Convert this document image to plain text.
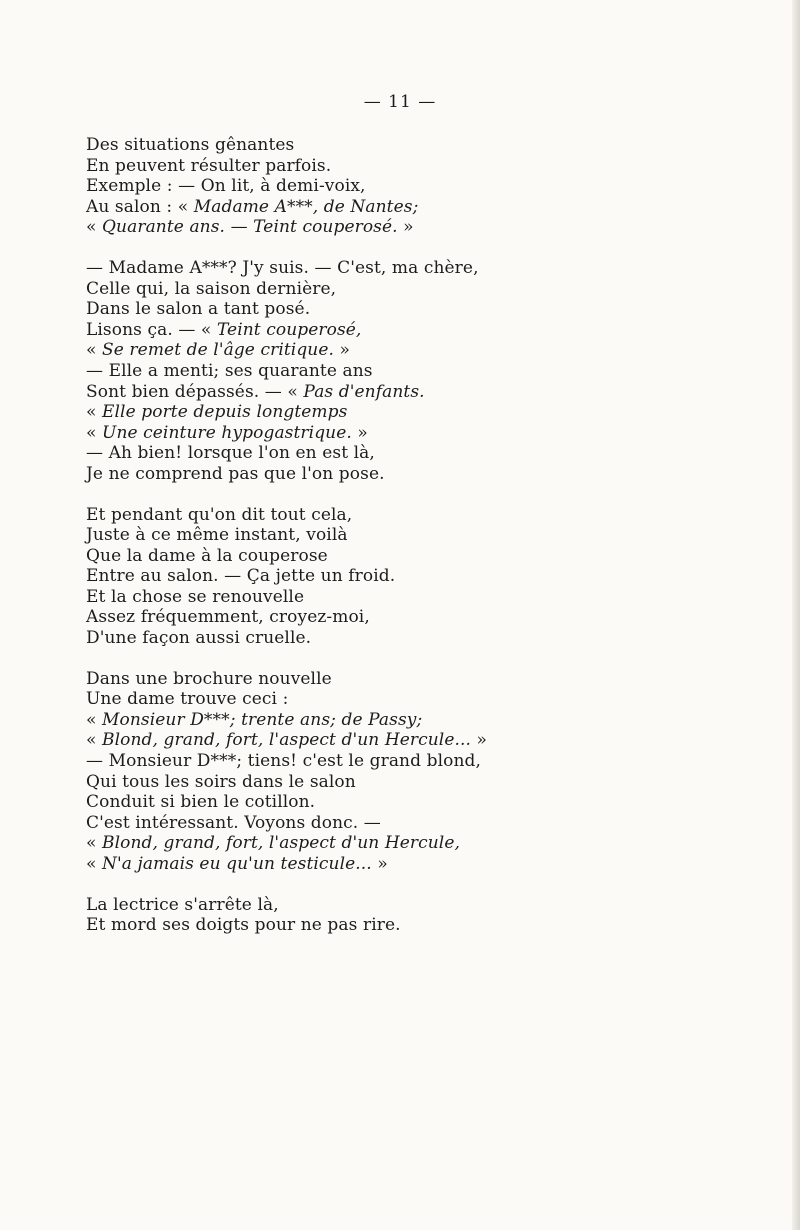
— 11 —
Des situations gênantes
En peuvent résulter parfois.
Exemple : — On lit, à demi-voix,
Au salon : « Madame A***, de Nantes;
« Quarante ans. — Teint couperosé. »
— Madame A***? J'y suis. — C'est, ma chère,
Celle qui, la saison dernière,
Dans le salon a tant posé.
Lisons ça. — « Teint couperosé,
« Se remet de l'âge critique. »
— Elle a menti; ses quarante ans
Sont bien dépassés. — « Pas d'enfants.
« Elle porte depuis longtemps
« Une ceinture hypogastrique. »
— Ah bien! lorsque l'on en est là,
Je ne comprend pas que l'on pose.
Et pendant qu'on dit tout cela,
Juste à ce même instant, voilà
Que la dame à la couperose
Entre au salon. — Ça jette un froid.
Et la chose se renouvelle
Assez fréquemment, croyez-moi,
D'une façon aussi cruelle.
Dans une brochure nouvelle
Une dame trouve ceci :
« Monsieur D***; trente ans; de Passy;
« Blond, grand, fort, l'aspect d'un Hercule... »
— Monsieur D***; tiens! c'est le grand blond,
Qui tous les soirs dans le salon
Conduit si bien le cotillon.
C'est intéressant. Voyons donc. —
« Blond, grand, fort, l'aspect d'un Hercule,
« N'a jamais eu qu'un testicule... »
La lectrice s'arrête là,
Et mord ses doigts pour ne pas rire.
